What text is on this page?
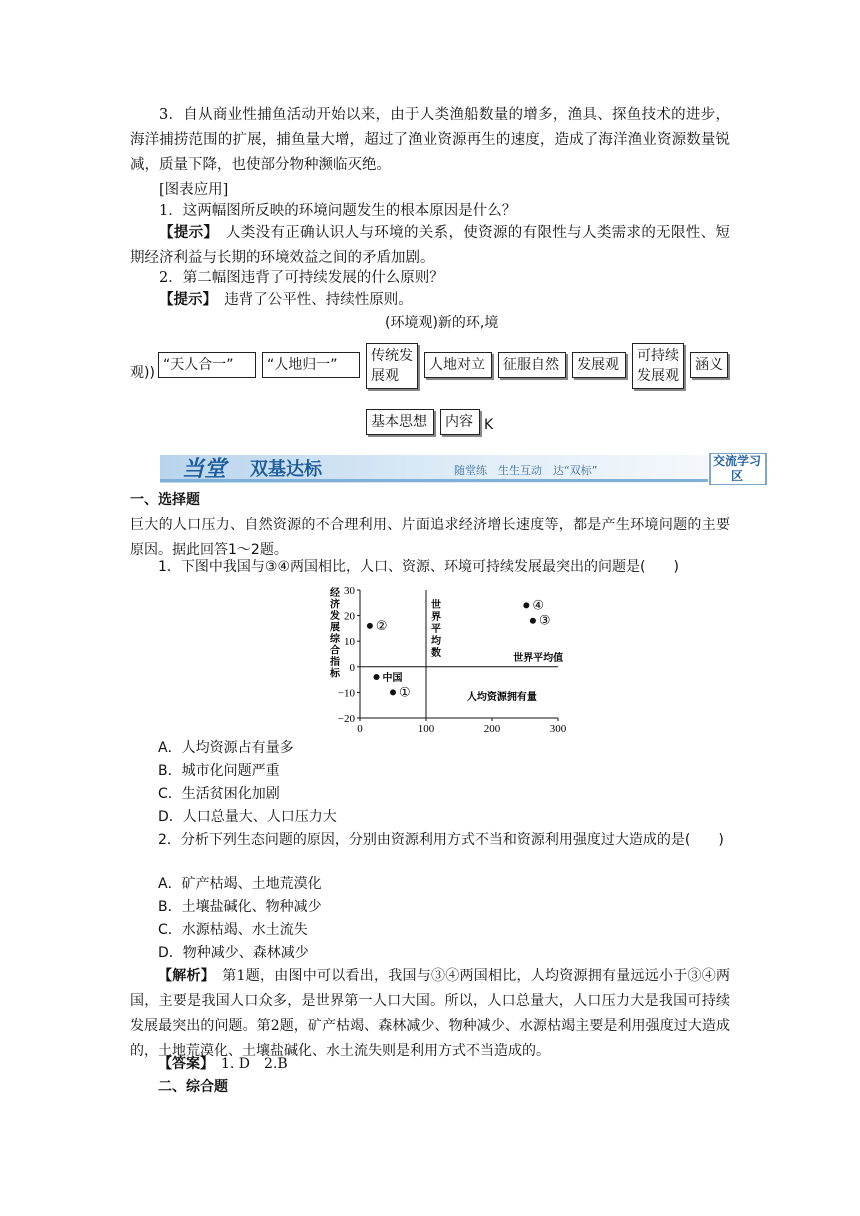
3．自从商业性捕鱼活动开始以来，由于人类渔船数量的增多，渔具、探鱼技术的进步，海洋捕捞范围的扩展，捕鱼量大增，超过了渔业资源再生的速度，造成了海洋渔业资源数量锐减，质量下降，也使部分物种濒临灭绝。

[图表应用]

1．这两幅图所反映的环境问题发生的根本原因是什么？

【提示】　 人类没有正确认识人与环境的关系，使资源的有限性与人类需求的无限性、短期经济利益与长期的环境效益之间的矛盾加剧。

2．第二幅图违背了可持续发展的什么原则？

【提示】　 违背了公平性、持续性原则。

(环境观)新的环,境
观)) “天人合一”	“人地归一”
传统发展观
人地对立	征服自然	发展观
可持续发展观
涵义
基本思想	内容 K
当堂 双基达标	随堂练　生生互动　达“双标”
交流学习区

一、选择题

巨大的人口压力、自然资源的不合理利用、片面追求经济增长速度等，都是产生环境问题的主要原因。据此回答1～2题。

1．下图中我国与③④两国相比，人口、资源、环境可持续发展最突出的问题是(　　)

30
20
10
0
−10
−20
0	100	200	300
经济发展综合指标
世界平均数	世界平均值
人均资源拥有量
②
④
③
中国
①

A．人均资源占有量多

B．城市化问题严重

C．生活贫困化加剧

D．人口总量大、人口压力大

2．分析下列生态问题的原因，分别由资源利用方式不当和资源利用强度过大造成的是(　　)

A．矿产枯竭、土地荒漠化

B．土壤盐碱化、物种减少

C．水源枯竭、水土流失

D．物种减少、森林减少

【解析】　 第1题，由图中可以看出，我国与③④两国相比，人均资源拥有量远远小于③④两国，主要是我国人口众多，是世界第一人口大国。所以，人口总量大，人口压力大是我国可持续发展最突出的问题。第2题，矿产枯竭、森林减少、物种减少、水源枯竭主要是利用强度过大造成的，土地荒漠化、土壤盐碱化、水土流失则是利用方式不当造成的。

【答案】　 1. D　2.B

二、综合题
